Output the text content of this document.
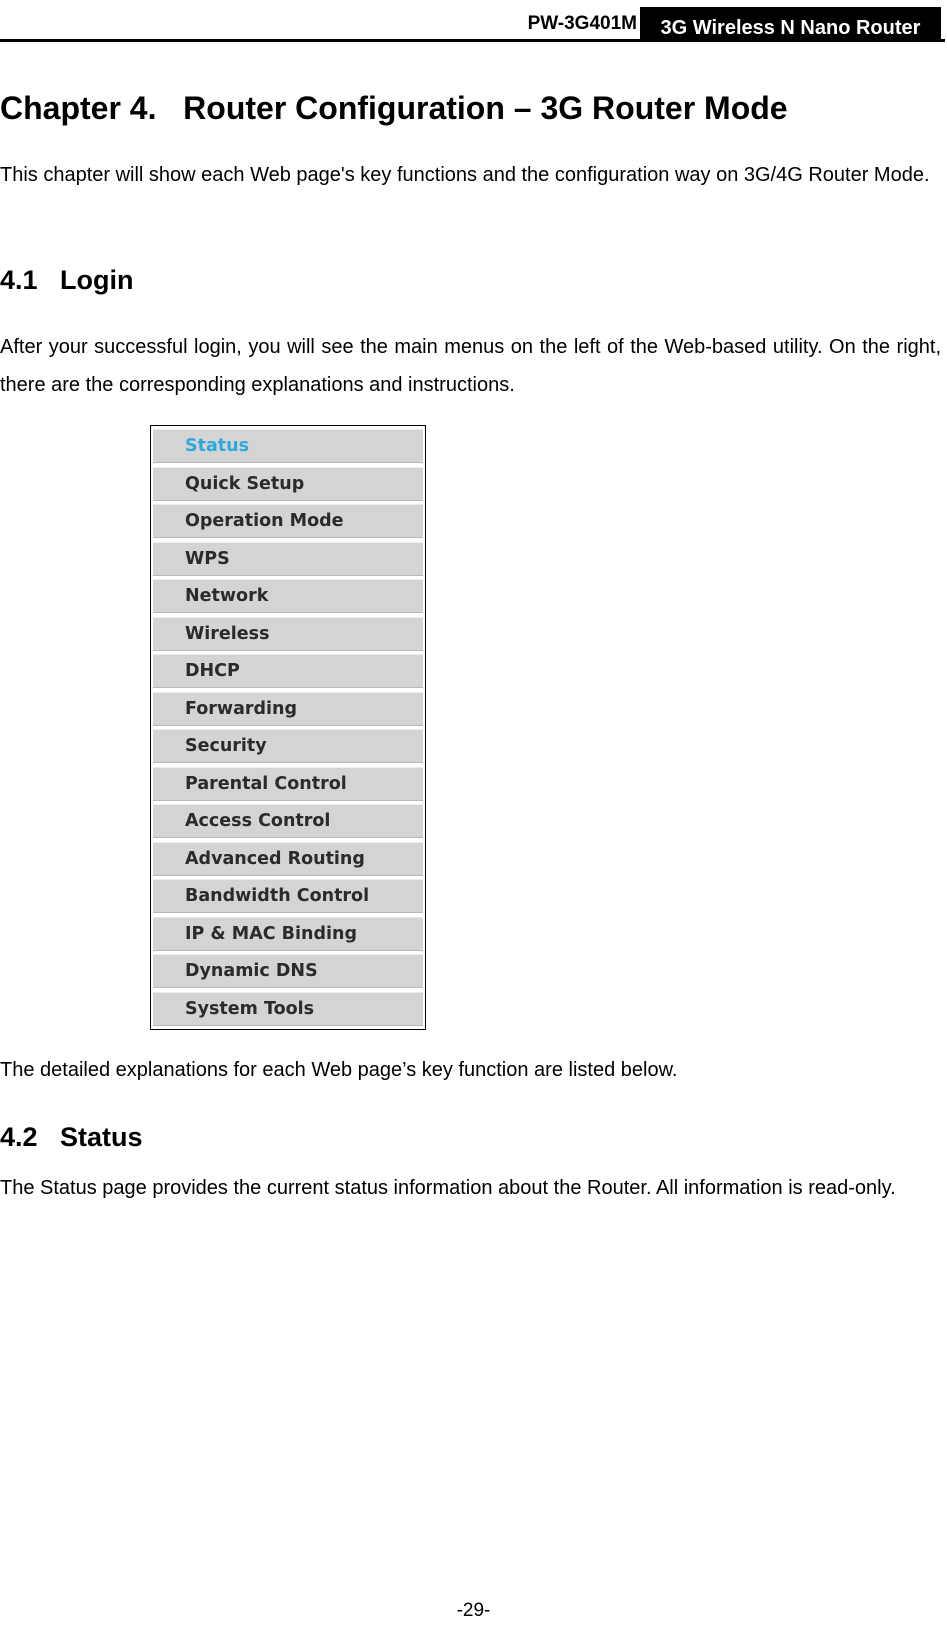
PW-3G401M	3G Wireless N Nano Router
Chapter 4.   Router Configuration – 3G Router Mode
This chapter will show each Web page's key functions and the configuration way on 3G/4G Router Mode.
4.1 Login
After your successful login, you will see the main menus on the left of the Web-based utility. On the right, there are the corresponding explanations and instructions.
Status
Quick Setup
Operation Mode
WPS
Network
Wireless
DHCP
Forwarding
Security
Parental Control
Access Control
Advanced Routing
Bandwidth Control
IP & MAC Binding
Dynamic DNS
System Tools
The detailed explanations for each Web page’s key function are listed below.
4.2 Status
The Status page provides the current status information about the Router. All information is read-only.
-29-
